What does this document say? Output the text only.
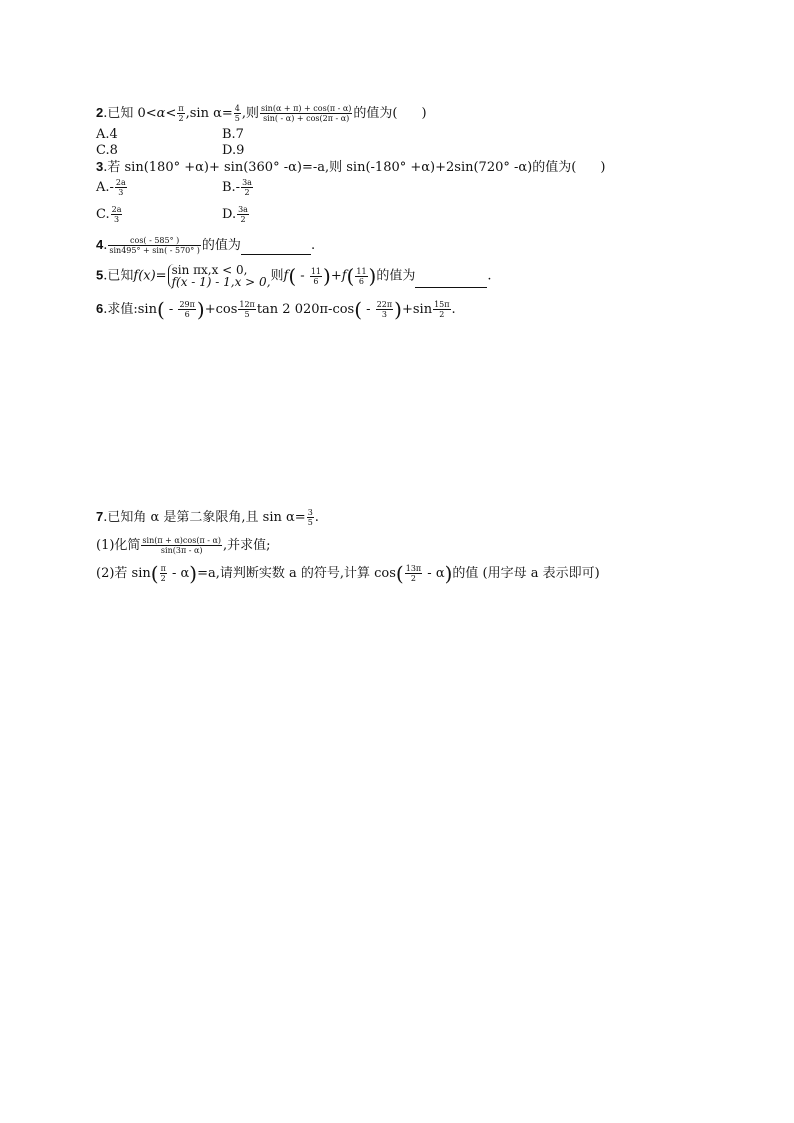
2.已知 $0<\alpha< \frac{\pi}{2} ,\sin$ $\alpha= \frac{4}{5}$ ,则 $\frac{\sin(\alpha + \pi) + \cos(\pi - \alpha)}{\sin( - \alpha) + \cos(2\pi - \alpha)}$ 的值为( )
A.4	B.7
C.8	D.9
3.若 sin(180° +α)+ sin(360° -α)=-a,则 sin(-180° +α)+2sin(720° -α)的值为( )
$A.- \frac{2a}{3}$	$B.- \frac{3a}{2}$
C. $\frac{2a}{3}$	D. $\frac{3a}{2}$
4. $\frac{\cos( - 585^\circ )}{\sin 495^\circ + \sin( - 570^\circ )}$ 的值为	.
5.已知f(x)= sin πx,x < 0,
f(x - 1) - 1,x > 0,则$f( - \frac{11}{6} )+f( \frac{11}{6}$ )的值为	.
6.求值:sin( - $\frac{29\pi}{6} )+\cos \frac{12\pi}{5}$ tan 2 $020\pi-\cos( - \frac{22\pi}{3} )+\sin \frac{15\pi}{2}$ .
7.已知角 α 是第二象限角,且 $\sin \alpha= \frac{3}{5}$ .
(1)化简 $\frac{\sin(\pi + \alpha)\cos(\pi - \alpha)}{\sin(3\pi - \alpha)}$ ,并求值;
(2)若 $\sin( \frac{\pi}{2} - \alpha)=a$,请判断实数 a 的符号,计算 $\cos( \frac{13\pi}{2} - \alpha)$的值 (用字母 a 表示即可)
